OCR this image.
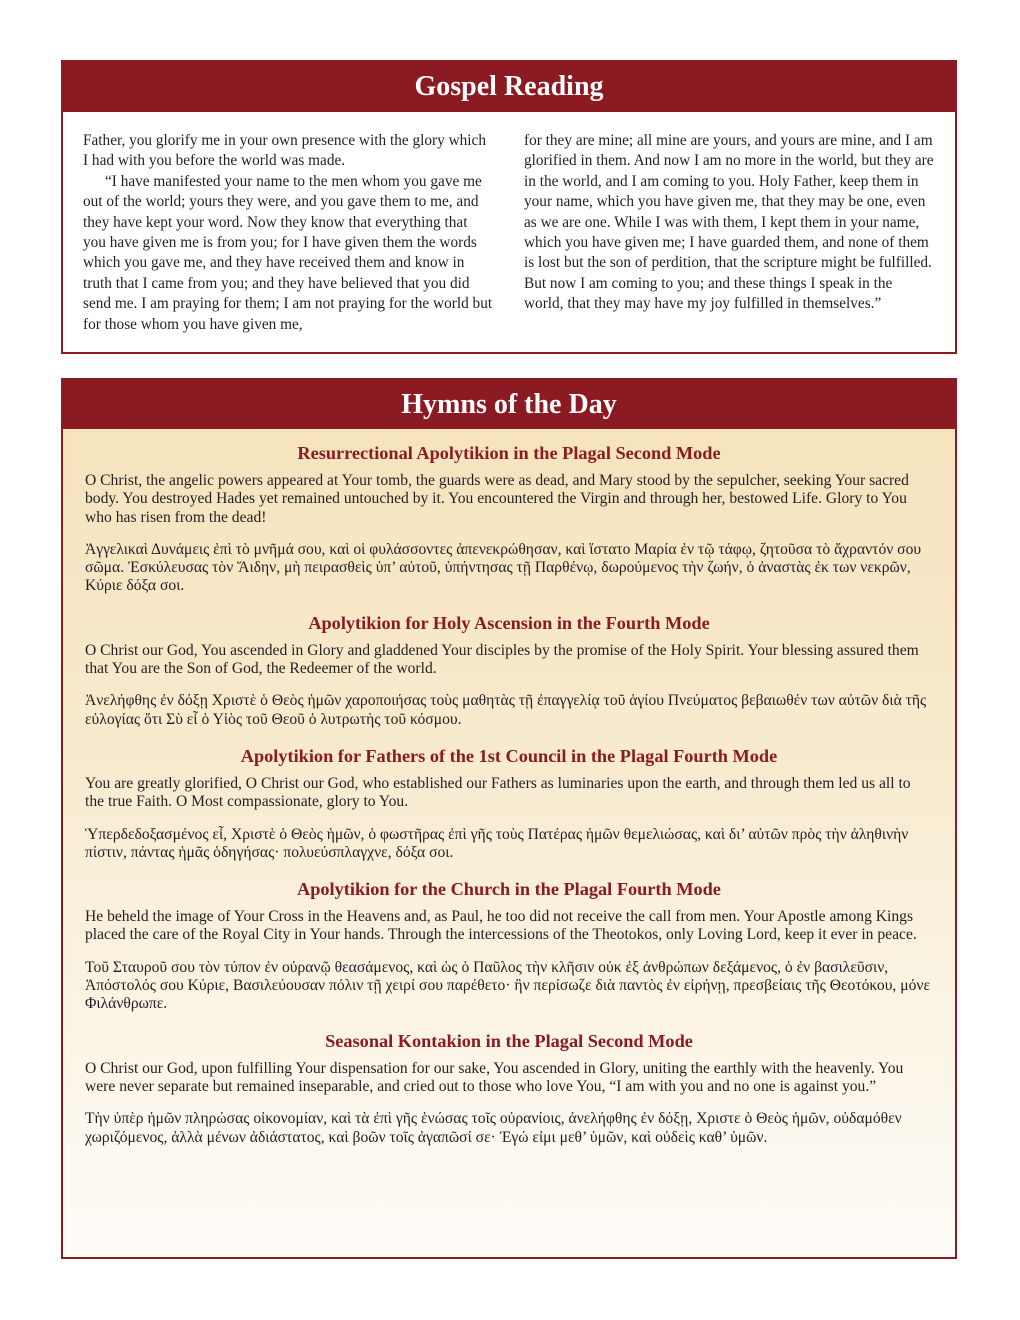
Gospel Reading

Father, you glorify me in your own presence with the glory which I had with you before the world was made.

“I have manifested your name to the men whom you gave me out of the world; yours they were, and you gave them to me, and they have kept your word. Now they know that everything that you have given me is from you; for I have given them the words which you gave me, and they have received them and know in truth that I came from you; and they have believed that you did send me. I am praying for them; I am not praying for the world but for those whom you have given me,

for they are mine; all mine are yours, and yours are mine, and I am glorified in them. And now I am no more in the world, but they are in the world, and I am coming to you. Holy Father, keep them in your name, which you have given me, that they may be one, even as we are one. While I was with them, I kept them in your name, which you have given me; I have guarded them, and none of them is lost but the son of perdition, that the scripture might be fulfilled. But now I am coming to you; and these things I speak in the world, that they may have my joy fulfilled in themselves.”

Hymns of the Day
Resurrectional Apolytikion in the Plagal Second Mode

O Christ, the angelic powers appeared at Your tomb, the guards were as dead, and Mary stood by the sepulcher, seeking Your sacred body. You destroyed Hades yet remained untouched by it. You encountered the Virgin and through her, bestowed Life. Glory to You who has risen from the dead!

Ἀγγελικαὶ Δυνάμεις ἐπὶ τὸ μνῆμά σου, καὶ οἱ φυλάσσοντες ἀπενεκρώθησαν, καὶ ἵστατο Μαρία ἐν τῷ τάφῳ, ζητοῦσα τὸ ἄχραντόν σου σῶμα. Ἐσκύλευσας τὸν Ἅιδην, μὴ πειρασθεὶς ὑπ’ αὐτοῦ, ὑπήντησας τῇ Παρθένῳ, δωρούμενος τὴν ζωήν, ὁ ἀναστὰς ἐκ των νεκρῶν, Κύριε δόξα σοι.

Apolytikion for Holy Ascension in the Fourth Mode

O Christ our God, You ascended in Glory and gladdened Your disciples by the promise of the Holy Spirit. Your blessing assured them that You are the Son of God, the Redeemer of the world.

Ἀνελήφθης ἐν δόξῃ Χριστὲ ὁ Θεὸς ἡμῶν χαροποιήσας τοὺς μαθητὰς τῇ ἐπαγγελίᾳ τοῦ ἁγίου Πνεύματος βεβαιωθέν των αὐτῶν διὰ τῆς εὐλογίας ὅτι Σὺ εἶ ὁ Υἱὸς τοῦ Θεοῦ ὁ λυτρωτὴς τοῦ κόσμου.

Apolytikion for Fathers of the 1st Council in the Plagal Fourth Mode

You are greatly glorified, O Christ our God, who established our Fathers as luminaries upon the earth, and through them led us all to the true Faith. O Most compassionate, glory to You.

Ὑπερδεδοξασμένος εἶ, Χριστὲ ὁ Θεὸς ἡμῶν, ὁ φωστῆρας ἐπὶ γῆς τοὺς Πατέρας ἡμῶν θεμελιώσας, καὶ δι’ αὐτῶν πρὸς τὴν ἀληθινὴν πίστιν, πάντας ἡμᾶς ὁδηγήσας· πολυεύσπλαγχνε, δόξα σοι.

Apolytikion for the Church in the Plagal Fourth Mode

He beheld the image of Your Cross in the Heavens and, as Paul, he too did not receive the call from men. Your Apostle among Kings placed the care of the Royal City in Your hands. Through the intercessions of the Theotokos, only Loving Lord, keep it ever in peace.

Τοῦ Σταυροῦ σου τὸν τύπον ἐν οὐρανῷ θεασάμενος, καὶ ὡς ὁ Παῦλος τὴν κλῆσιν οὐκ ἐξ ἀνθρώπων δεξάμενος, ὁ ἐν βασιλεῦσιν, Ἀπόστολός σου Κύριε, Βασιλεύουσαν πόλιν τῇ χειρί σου παρέθετο· ἣν περίσωζε διὰ παντὸς ἐν εἰρήνῃ, πρεσβείαις τῆς Θεοτόκου, μόνε Φιλάνθρωπε.

Seasonal Kontakion in the Plagal Second Mode

O Christ our God, upon fulfilling Your dispensation for our sake, You ascended in Glory, uniting the earthly with the heavenly. You were never separate but remained inseparable, and cried out to those who love You, “I am with you and no one is against you.”

Τὴν ὑπὲρ ἡμῶν πληρώσας οἰκονομίαν, καὶ τὰ ἐπὶ γῆς ἑνώσας τοῖς οὐρανίοις, ἀνελήφθης ἐν δόξῃ, Χριστε ὁ Θεὸς ἡμῶν, οὐδαμόθεν χωριζόμενος, ἀλλὰ μένων ἀδιάστατος, καὶ βοῶν τοῖς ἀγαπῶσί σε· Ἐγώ εἰμι μεθ’ ὑμῶν, καὶ οὐδεὶς καθ’ ὑμῶν.
